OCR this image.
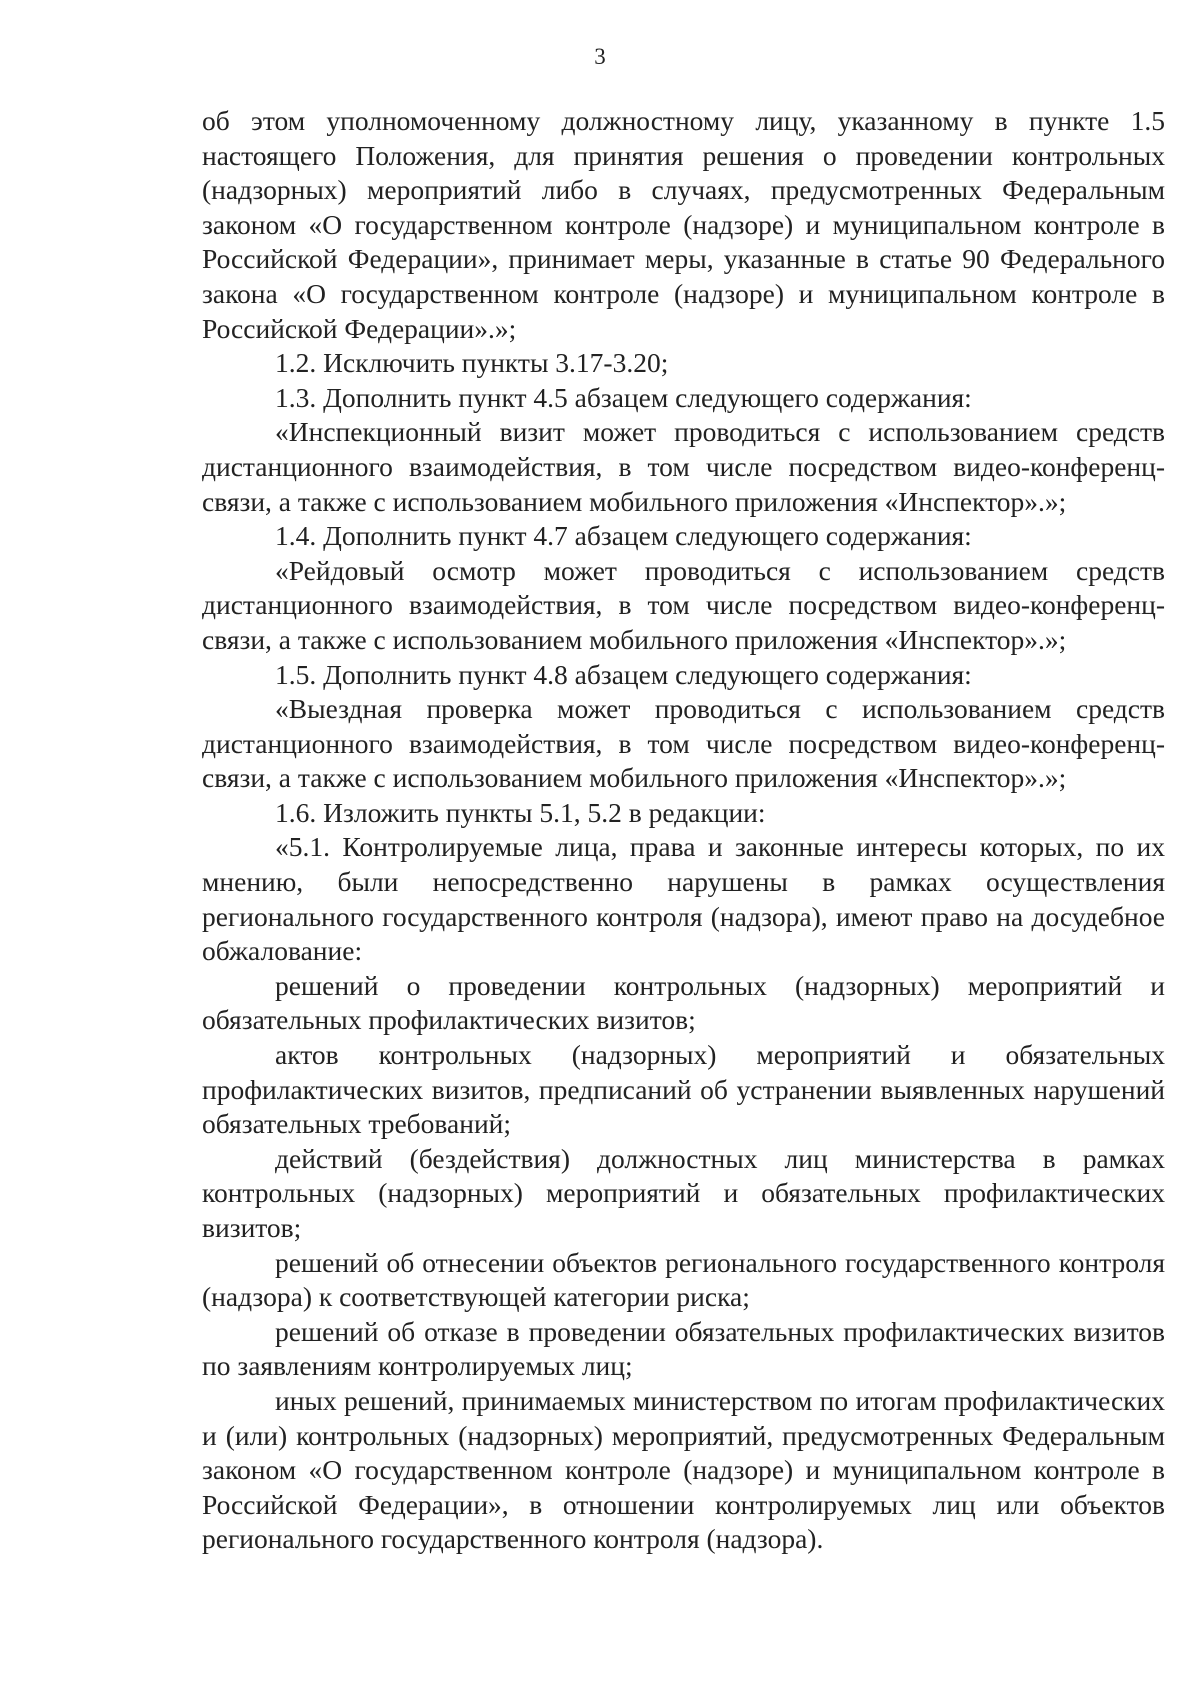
3

об этом уполномоченному должностному лицу, указанному в пункте 1.5 настоящего Положения, для принятия решения о проведении контрольных (надзорных) мероприятий либо в случаях, предусмотренных Федеральным законом «О государственном контроле (надзоре) и муниципальном контроле в Российской Федерации», принимает меры, указанные в статье 90 Федерального закона «О государственном контроле (надзоре) и муниципальном контроле в Российской Федерации».»;

1.2. Исключить пункты 3.17-3.20;

1.3. Дополнить пункт 4.5 абзацем следующего содержания:

«Инспекционный визит может проводиться с использованием средств дистанционного взаимодействия, в том числе посредством видео-конференц-связи, а также с использованием мобильного приложения «Инспектор».»;

1.4. Дополнить пункт 4.7 абзацем следующего содержания:

«Рейдовый осмотр может проводиться с использованием средств дистанционного взаимодействия, в том числе посредством видео-конференц-связи, а также с использованием мобильного приложения «Инспектор».»;

1.5. Дополнить пункт 4.8 абзацем следующего содержания:

«Выездная проверка может проводиться с использованием средств дистанционного взаимодействия, в том числе посредством видео-конференц-связи, а также с использованием мобильного приложения «Инспектор».»;

1.6. Изложить пункты 5.1, 5.2 в редакции:

«5.1. Контролируемые лица, права и законные интересы которых, по их мнению, были непосредственно нарушены в рамках осуществления регионального государственного контроля (надзора), имеют право на досудебное обжалование:

решений о проведении контрольных (надзорных) мероприятий и обязательных профилактических визитов;

актов контрольных (надзорных) мероприятий и обязательных профилактических визитов, предписаний об устранении выявленных нарушений обязательных требований;

действий (бездействия) должностных лиц министерства в рамках контрольных (надзорных) мероприятий и обязательных профилактических визитов;

решений об отнесении объектов регионального государственного контроля (надзора) к соответствующей категории риска;

решений об отказе в проведении обязательных профилактических визитов по заявлениям контролируемых лиц;

иных решений, принимаемых министерством по итогам профилактических и (или) контрольных (надзорных) мероприятий, предусмотренных Федеральным законом «О государственном контроле (надзоре) и муниципальном контроле в Российской Федерации», в отношении контролируемых лиц или объектов регионального государственного контроля (надзора).
